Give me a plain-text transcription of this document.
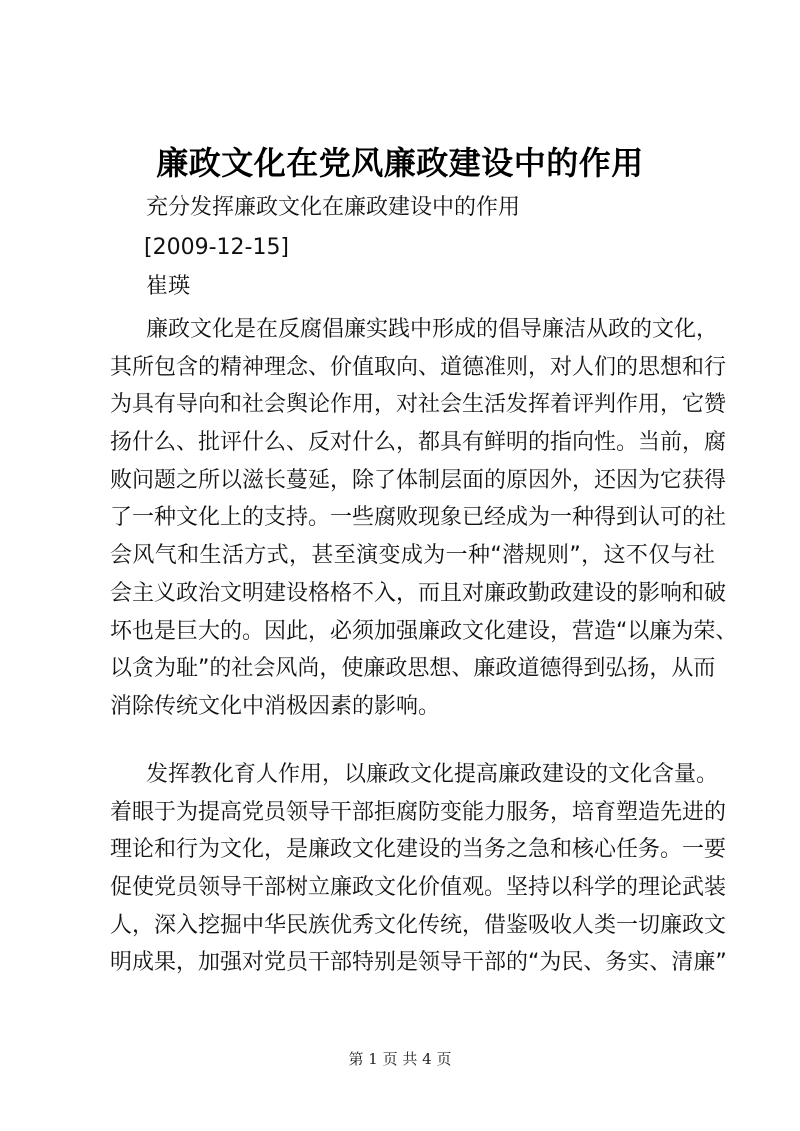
廉政文化在党风廉政建设中的作用
充分发挥廉政文化在廉政建设中的作用
[2009-12-15]
崔瑛
廉政文化是在反腐倡廉实践中形成的倡导廉洁从政的文化，
其所包含的精神理念、价值取向、道德准则，对人们的思想和行
为具有导向和社会舆论作用，对社会生活发挥着评判作用，它赞
扬什么、批评什么、反对什么，都具有鲜明的指向性。当前，腐
败问题之所以滋长蔓延，除了体制层面的原因外，还因为它获得
了一种文化上的支持。一些腐败现象已经成为一种得到认可的社
会风气和生活方式，甚至演变成为一种“潜规则”，这不仅与社
会主义政治文明建设格格不入，而且对廉政勤政建设的影响和破
坏也是巨大的。因此，必须加强廉政文化建设，营造“以廉为荣、
以贪为耻”的社会风尚，使廉政思想、廉政道德得到弘扬，从而
消除传统文化中消极因素的影响。
发挥教化育人作用，以廉政文化提高廉政建设的文化含量。
着眼于为提高党员领导干部拒腐防变能力服务，培育塑造先进的
理论和行为文化，是廉政文化建设的当务之急和核心任务。一要
促使党员领导干部树立廉政文化价值观。坚持以科学的理论武装
人，深入挖掘中华民族优秀文化传统，借鉴吸收人类一切廉政文
明成果，加强对党员干部特别是领导干部的“为民、务实、清廉”
第 1 页 共 4 页
